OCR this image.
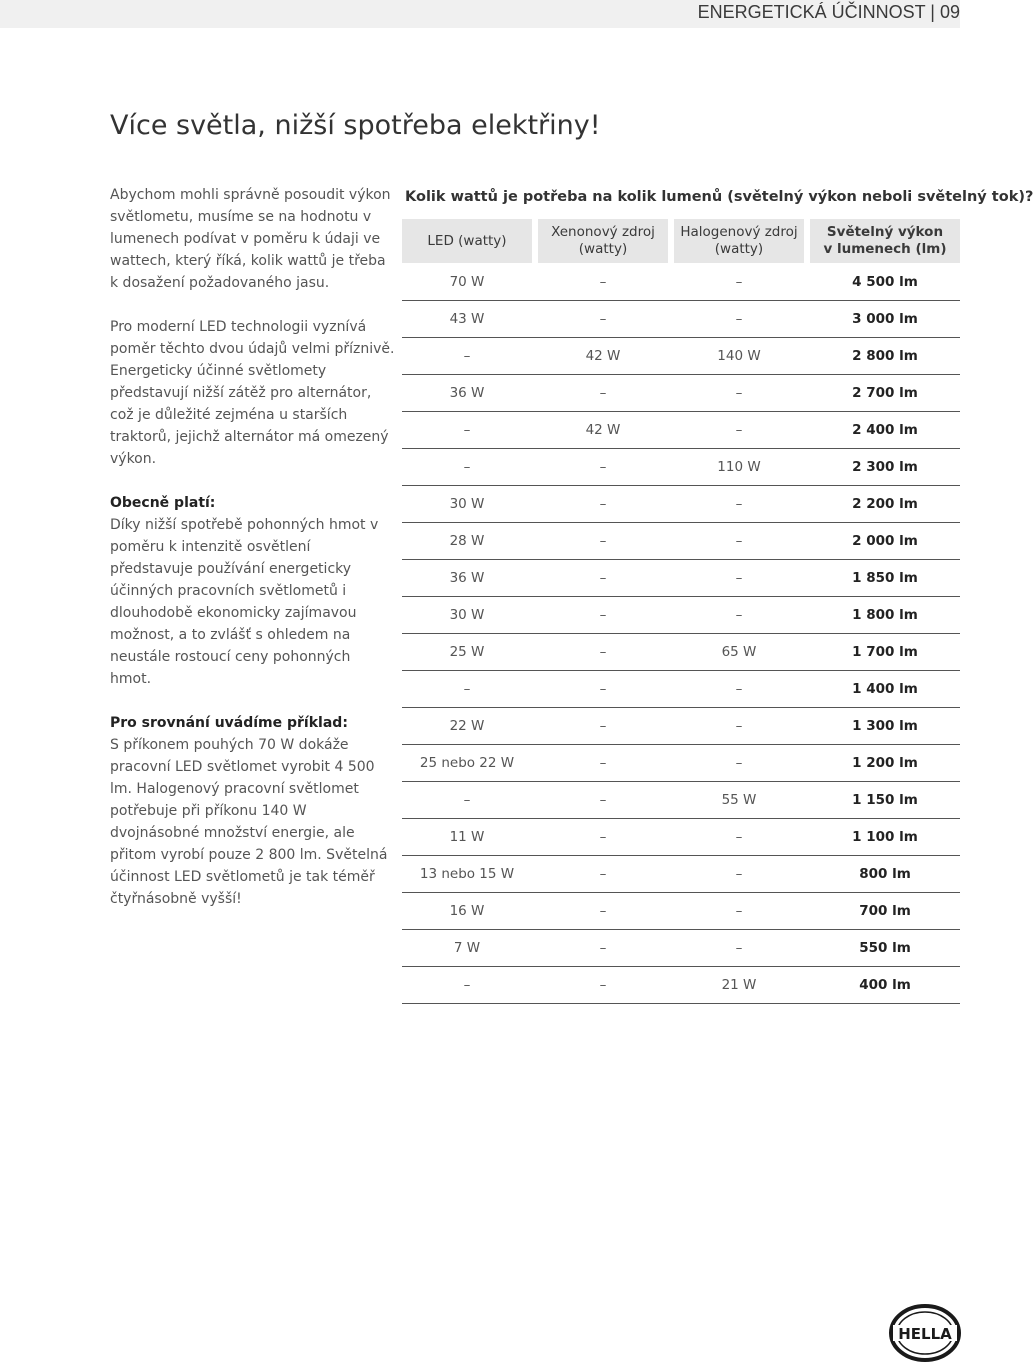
ENERGETICKÁ ÚČINNOST | 09
Více světla, nižší spotřeba elektřiny!

Abychom mohli správně posoudit výkon světlometu, musíme se na hodnotu v lumenech podívat v poměru k údaji ve wattech, který říká, kolik wattů je třeba k dosažení požadovaného jasu.

Pro moderní LED technologii vyznívá poměr těchto dvou údajů velmi příznivě. Energeticky účinné světlomety představují nižší zátěž pro alternátor, což je důležité zejména u starších traktorů, jejichž alternátor má omezený výkon.

Obecně platí:
Díky nižší spotřebě pohonných hmot v poměru k intenzitě osvětlení představuje používání energeticky účinných pracovních světlometů i dlouhodobě ekonomicky zajímavou možnost, a to zvlášť s ohledem na neustále rostoucí ceny pohonných hmot.

Pro srovnání uvádíme příklad:
S příkonem pouhých 70 W dokáže pracovní LED světlomet vyrobit 4 500 lm. Halogenový pracovní světlomet potřebuje při příkonu 140 W dvojnásobné množství energie, ale přitom vyrobí pouze 2 800 lm. Světelná účinnost LED světlometů je tak téměř čtyřnásobně vyšší!

Kolik wattů je potřeba na kolik lumenů (světelný výkon neboli světelný tok)?
LED (watty)
Xenonový zdroj
(watty)
Halogenový zdroj
(watty)
Světelný výkon
v lumenech (lm)
70 W	–	–	4 500 lm
43 W	–	–	3 000 lm
–	42 W	140 W	2 800 lm
36 W	–	–	2 700 lm
–	42 W	–	2 400 lm
–	–	110 W	2 300 lm
30 W	–	–	2 200 lm
28 W	–	–	2 000 lm
36 W	–	–	1 850 lm
30 W	–	–	1 800 lm
25 W	–	65 W	1 700 lm
–	–	–	1 400 lm
22 W	–	–	1 300 lm
25 nebo 22 W	–	–	1 200 lm
–	–	55 W	1 150 lm
11 W	–	–	1 100 lm
13 nebo 15 W	–	–	800 lm
16 W	–	–	700 lm
7 W	–	–	550 lm
–	–	21 W	400 lm
HELLA
